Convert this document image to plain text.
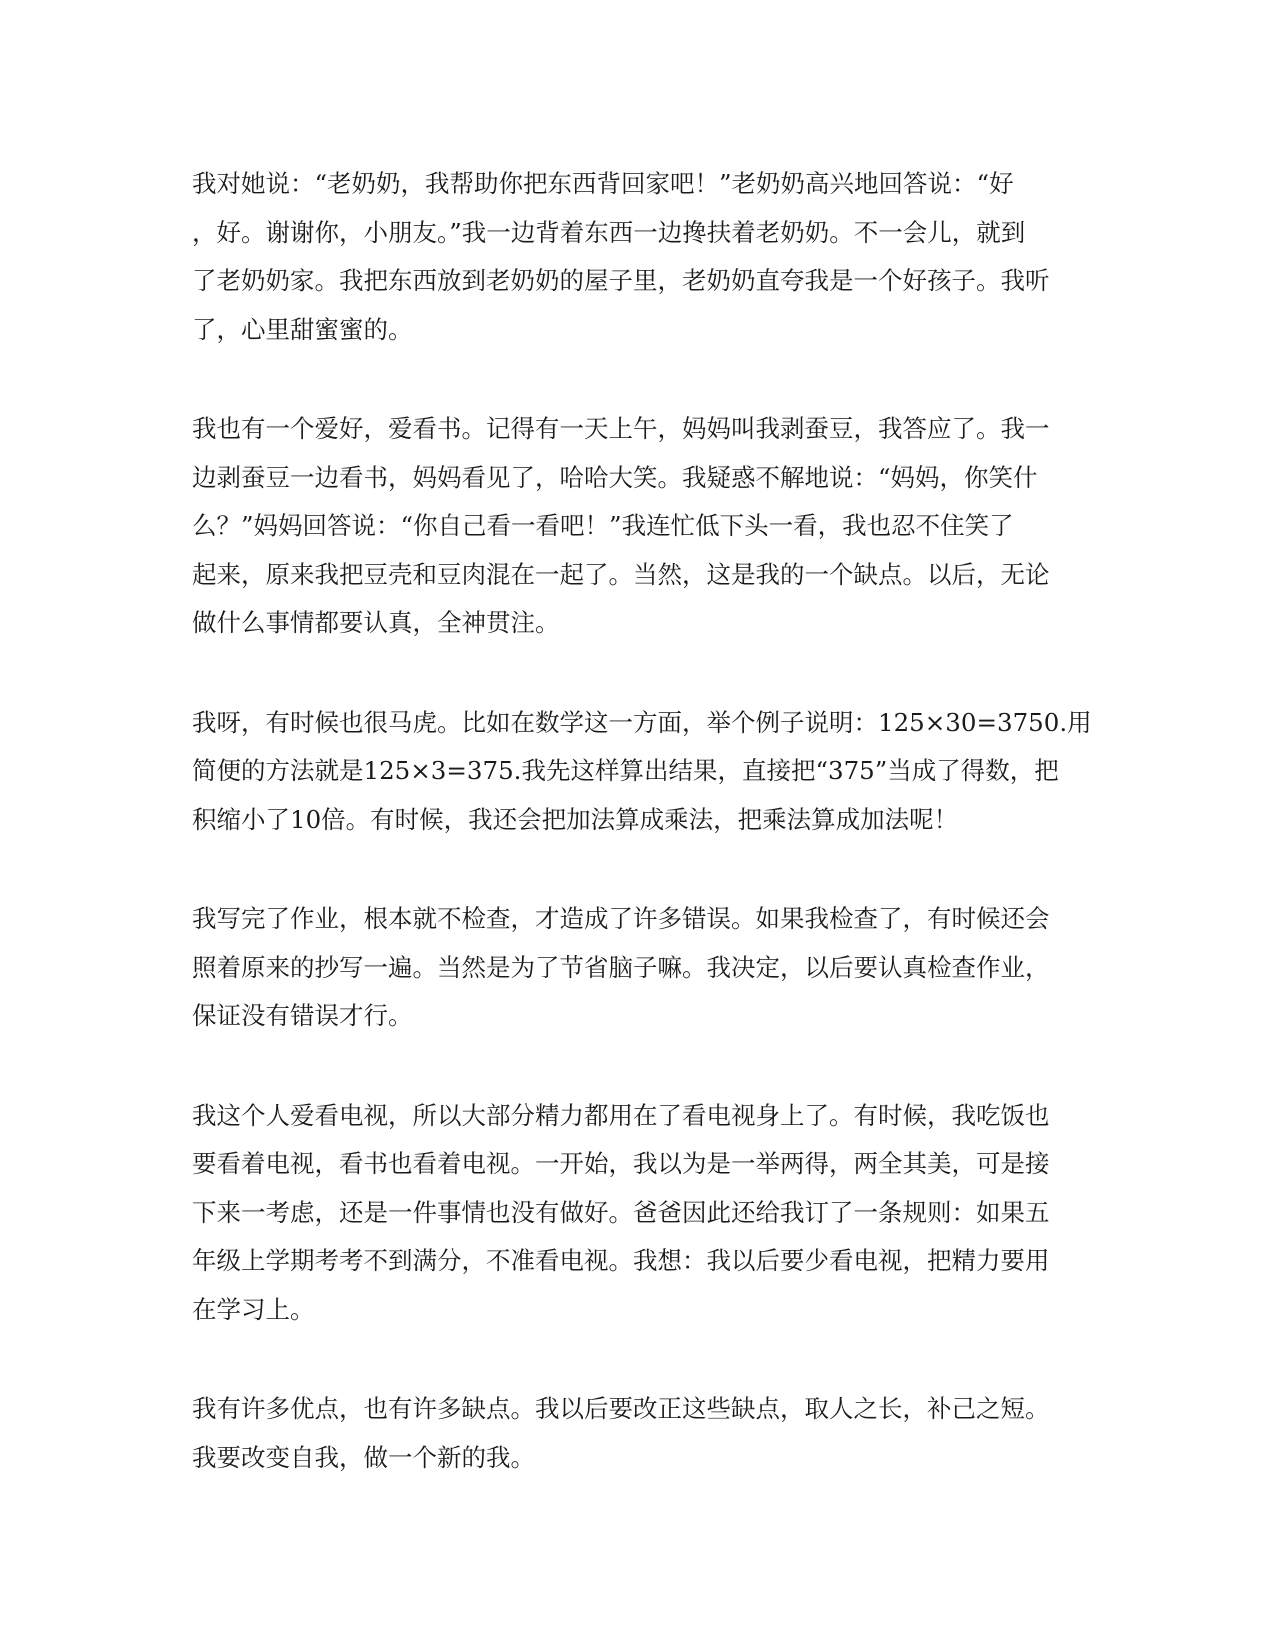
我对她说：“老奶奶，我帮助你把东西背回家吧！”老奶奶高兴地回答说：“好
，好。谢谢你，小朋友。”我一边背着东西一边搀扶着老奶奶。不一会儿，就到
了老奶奶家。我把东西放到老奶奶的屋子里，老奶奶直夸我是一个好孩子。我听
了，心里甜蜜蜜的。

我也有一个爱好，爱看书。记得有一天上午，妈妈叫我剥蚕豆，我答应了。我一
边剥蚕豆一边看书，妈妈看见了，哈哈大笑。我疑惑不解地说：“妈妈，你笑什
么？”妈妈回答说：“你自己看一看吧！”我连忙低下头一看，我也忍不住笑了
起来，原来我把豆壳和豆肉混在一起了。当然，这是我的一个缺点。以后，无论
做什么事情都要认真，全神贯注。

我呀，有时候也很马虎。比如在数学这一方面，举个例子说明：125×30=3750.用
简便的方法就是125×3=375.我先这样算出结果，直接把“375”当成了得数，把
积缩小了10倍。有时候，我还会把加法算成乘法，把乘法算成加法呢！

我写完了作业，根本就不检查，才造成了许多错误。如果我检查了，有时候还会
照着原来的抄写一遍。当然是为了节省脑子嘛。我决定，以后要认真检查作业，
保证没有错误才行。

我这个人爱看电视，所以大部分精力都用在了看电视身上了。有时候，我吃饭也
要看着电视，看书也看着电视。一开始，我以为是一举两得，两全其美，可是接
下来一考虑，还是一件事情也没有做好。爸爸因此还给我订了一条规则：如果五
年级上学期考考不到满分，不准看电视。我想：我以后要少看电视，把精力要用
在学习上。

我有许多优点，也有许多缺点。我以后要改正这些缺点，取人之长，补己之短。
我要改变自我，做一个新的我。
